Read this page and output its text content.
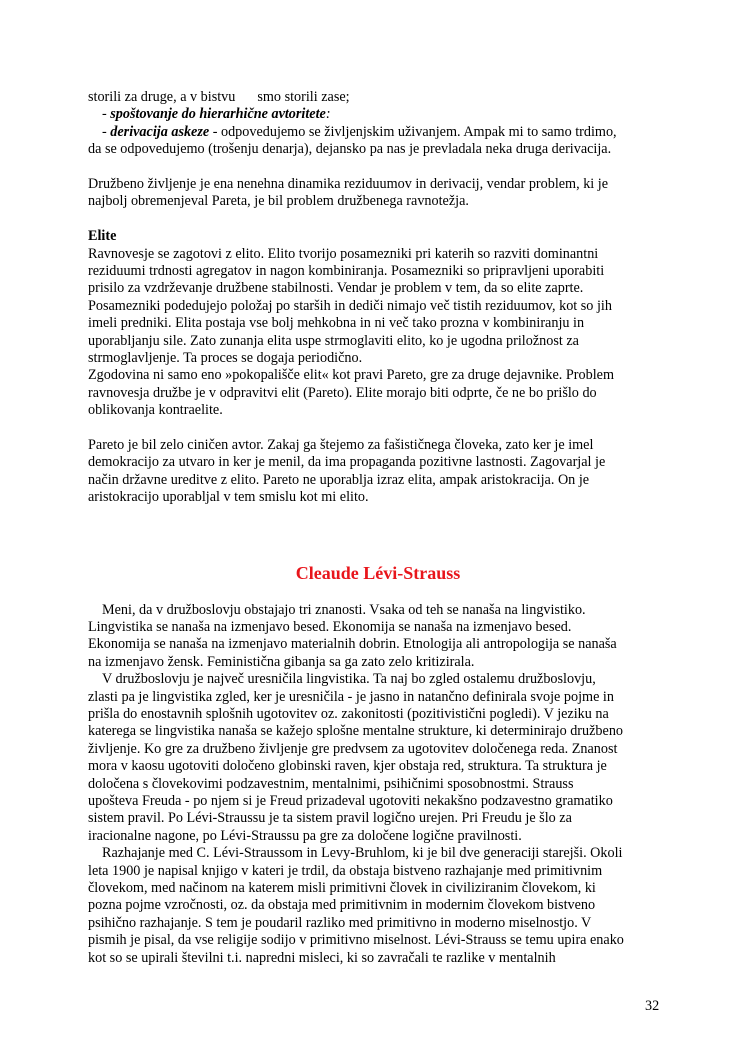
storili za druge, a v bistvu smo storili zase;
- spoštovanje do hierarhične avtoritete:
- derivacija askeze - odpovedujemo se življenjskim uživanjem. Ampak mi to samo trdimo,
da se odpovedujemo (trošenju denarja), dejansko pa nas je prevladala neka druga derivacija.
Družbeno življenje je ena nenehna dinamika reziduumov in derivacij, vendar problem, ki je
najbolj obremenjeval Pareta, je bil problem družbenega ravnotežja.
Elite
Ravnovesje se zagotovi z elito. Elito tvorijo posamezniki pri katerih so razviti dominantni
reziduumi trdnosti agregatov in nagon kombiniranja. Posamezniki so pripravljeni uporabiti
prisilo za vzdrževanje družbene stabilnosti. Vendar je problem v tem, da so elite zaprte.
Posamezniki podedujejo položaj po starših in dediči nimajo več tistih reziduumov, kot so jih
imeli predniki. Elita postaja vse bolj mehkobna in ni več tako prozna v kombiniranju in
uporabljanju sile. Zato zunanja elita uspe strmoglaviti elito, ko je ugodna priložnost za
strmoglavljenje. Ta proces se dogaja periodično.
Zgodovina ni samo eno »pokopališče elit« kot pravi Pareto, gre za druge dejavnike. Problem
ravnovesja družbe je v odpravitvi elit (Pareto). Elite morajo biti odprte, če ne bo prišlo do
oblikovanja kontraelite.
Pareto je bil zelo ciničen avtor. Zakaj ga štejemo za fašističnega človeka, zato ker je imel
demokracijo za utvaro in ker je menil, da ima propaganda pozitivne lastnosti. Zagovarjal je
način državne ureditve z elito. Pareto ne uporablja izraz elita, ampak aristokracija. On je
aristokracijo uporabljal v tem smislu kot mi elito.
Cleaude Lévi-Strauss
Meni, da v družboslovju obstajajo tri znanosti. Vsaka od teh se nanaša na lingvistiko.
Lingvistika se nanaša na izmenjavo besed. Ekonomija se nanaša na izmenjavo besed.
Ekonomija se nanaša na izmenjavo materialnih dobrin. Etnologija ali antropologija se nanaša
na izmenjavo žensk. Feministična gibanja sa ga zato zelo kritizirala.
V družboslovju je največ uresničila lingvistika. Ta naj bo zgled ostalemu družboslovju,
zlasti pa je lingvistika zgled, ker je uresničila - je jasno in natančno definirala svoje pojme in
prišla do enostavnih splošnih ugotovitev oz. zakonitosti (pozitivistični pogledi). V jeziku na
katerega se lingvistika nanaša se kažejo splošne mentalne strukture, ki determinirajo družbeno
življenje. Ko gre za družbeno življenje gre predvsem za ugotovitev določenega reda. Znanost
mora v kaosu ugotoviti določeno globinski raven, kjer obstaja red, struktura. Ta struktura je
določena s človekovimi podzavestnim, mentalnimi, psihičnimi sposobnostmi. Strauss
upošteva Freuda - po njem si je Freud prizadeval ugotoviti nekakšno podzavestno gramatiko
sistem pravil. Po Lévi-Straussu je ta sistem pravil logično urejen. Pri Freudu je šlo za
iracionalne nagone, po Lévi-Straussu pa gre za določene logične pravilnosti.
Razhajanje med C. Lévi-Straussom in Levy-Bruhlom, ki je bil dve generaciji starejši. Okoli
leta 1900 je napisal knjigo v kateri je trdil, da obstaja bistveno razhajanje med primitivnim
človekom, med načinom na katerem misli primitivni človek in civiliziranim človekom, ki
pozna pojme vzročnosti, oz. da obstaja med primitivnim in modernim človekom bistveno
psihično razhajanje. S tem je poudaril razliko med primitivno in moderno miselnostjo. V
pismih je pisal, da vse religije sodijo v primitivno miselnost. Lévi-Strauss se temu upira enako
kot so se upirali številni t.i. napredni misleci, ki so zavračali te razlike v mentalnih
32
